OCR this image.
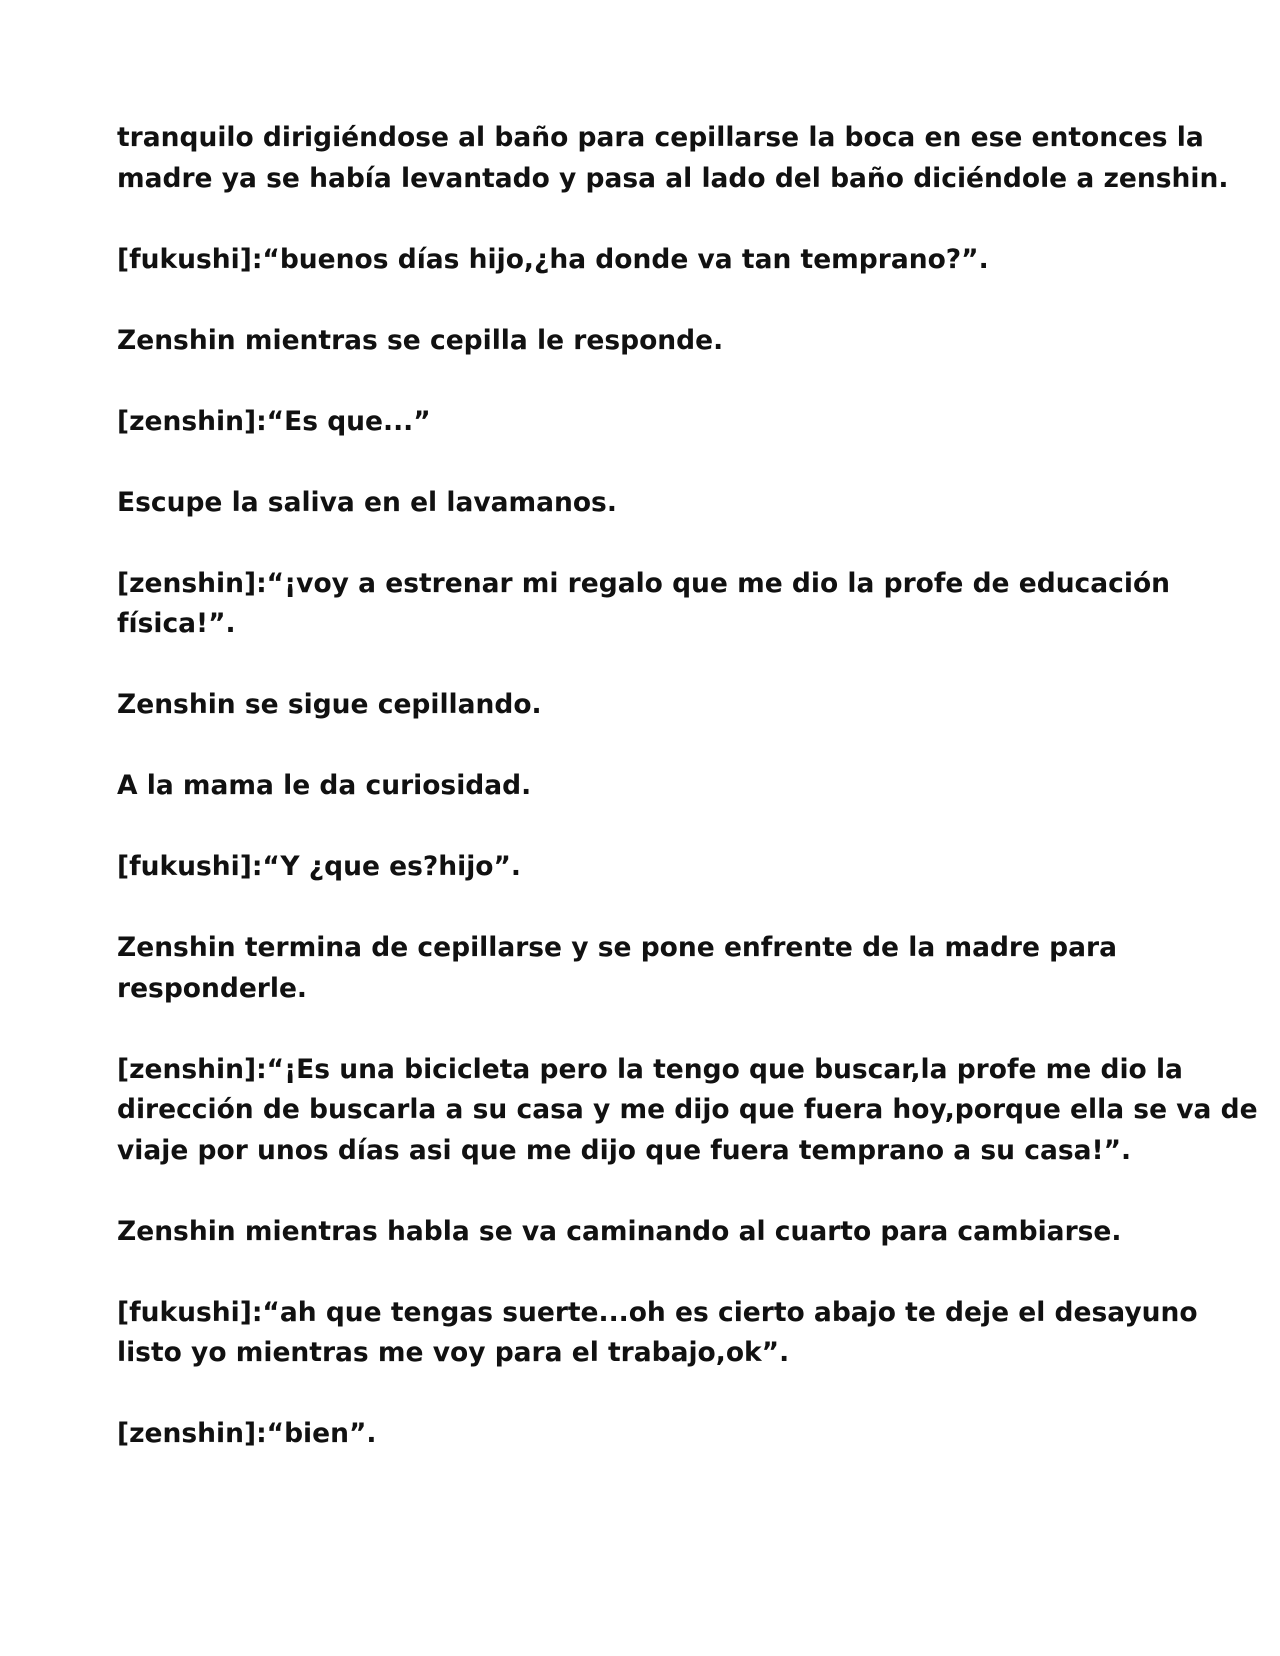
tranquilo dirigiéndose al baño para cepillarse la boca en ese entonces la
madre ya se había levantado y pasa al lado del baño diciéndole a zenshin.

[fukushi]:“buenos días hijo,¿ha donde va tan temprano?”.

Zenshin mientras se cepilla le responde.

[zenshin]:“Es que...”

Escupe la saliva en el lavamanos.

[zenshin]:“¡voy a estrenar mi regalo que me dio la profe de educación
física!”.

Zenshin se sigue cepillando.

A la mama le da curiosidad.

[fukushi]:“Y ¿que es?hijo”.

Zenshin termina de cepillarse y se pone enfrente de la madre para
responderle.

[zenshin]:“¡Es una bicicleta pero la tengo que buscar,la profe me dio la
dirección de buscarla a su casa y me dijo que fuera hoy,porque ella se va de
viaje por unos días asi que me dijo que fuera temprano a su casa!”.

Zenshin mientras habla se va caminando al cuarto para cambiarse.

[fukushi]:“ah que tengas suerte...oh es cierto abajo te deje el desayuno
listo yo mientras me voy para el trabajo,ok”.

[zenshin]:“bien”.
